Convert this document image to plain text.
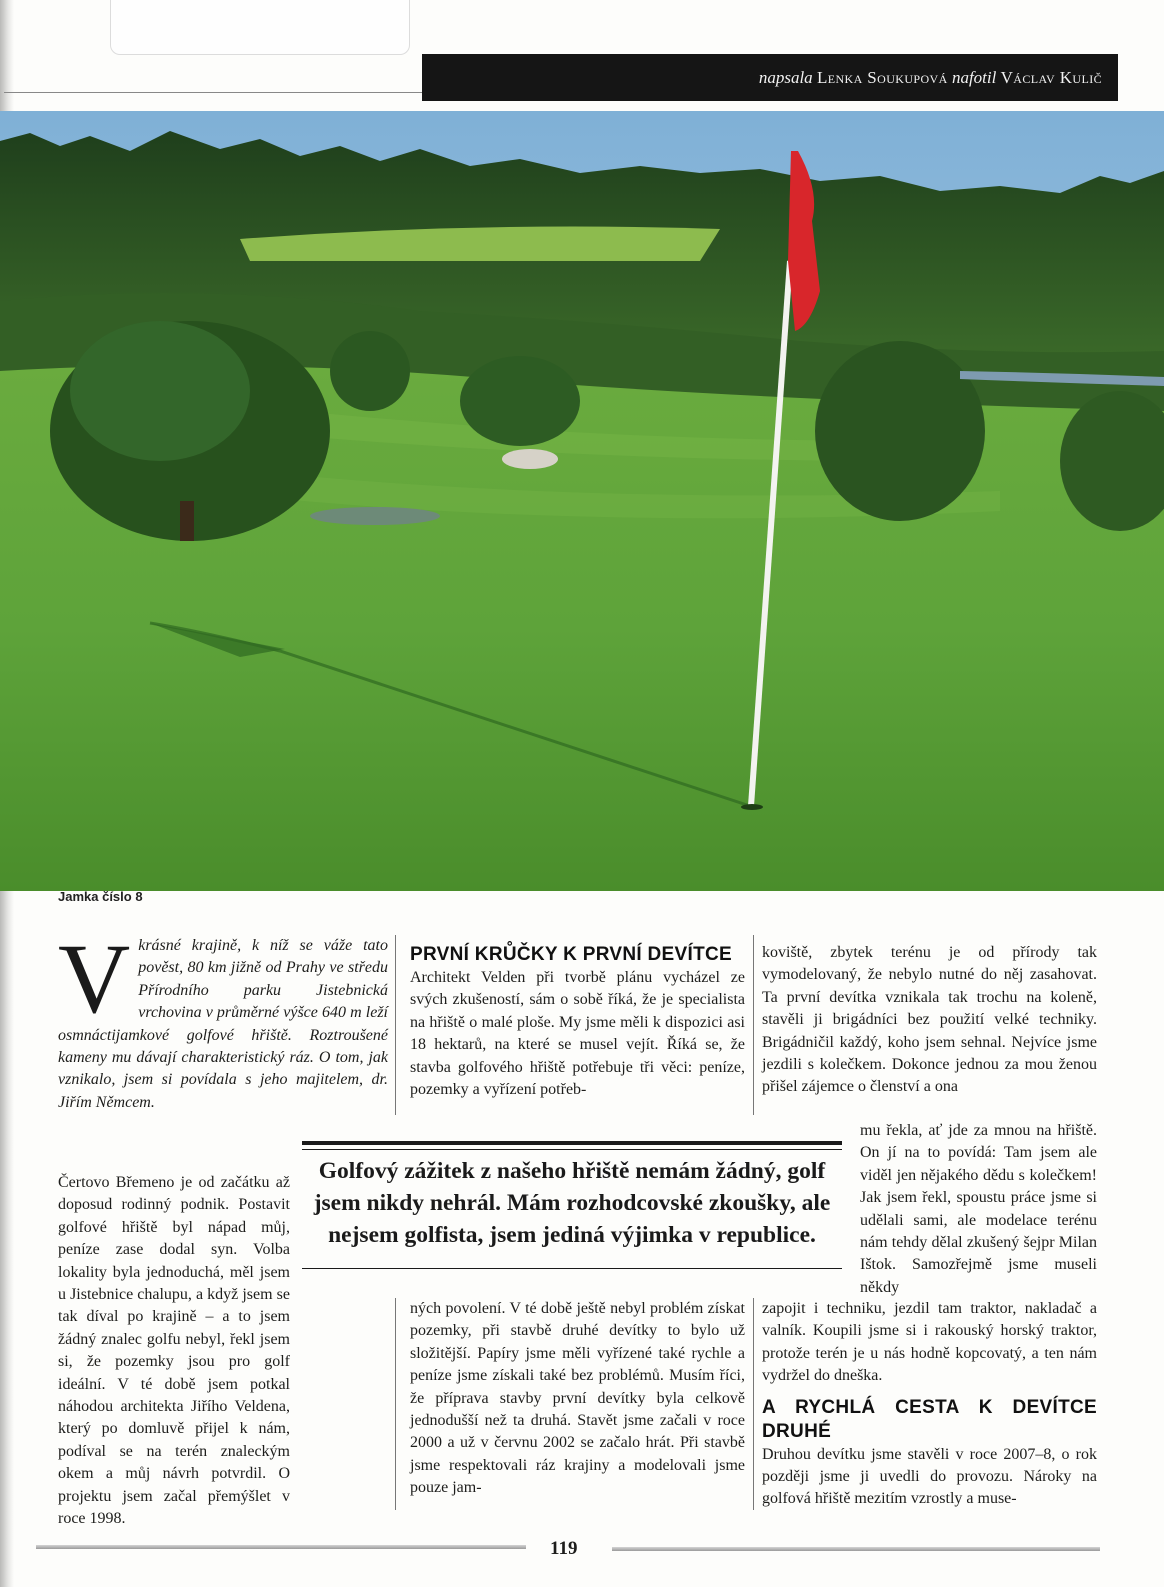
napsala
Lenka Soukupová
nafotil
Václav Kulič
Jamka číslo 8
Vkrásné krajině, k níž se váže tato pověst, 80 km jižně od Prahy ve středu Přírodního parku Jistebnická vrchovina v průměrné výšce 640 m leží osmnáctijamkové golfové hřiště. Roztroušené kameny mu dávají charakteristický ráz. O tom, jak vznikalo, jsem si povídala s jeho majitelem, dr. Jiřím Němcem.

Čertovo Břemeno je od začátku až doposud rodinný podnik. Postavit golfové hřiště byl nápad můj, peníze zase dodal syn. Volba lokality byla jednoduchá, měl jsem u Jistebnice chalupu, a když jsem se tak díval po krajině – a to jsem žádný znalec golfu nebyl, řekl jsem si, že pozemky jsou pro golf ideální. V té době jsem potkal náhodou architekta Jiřího Veldena, který po domluvě přijel k nám, podíval se na terén znaleckým okem a můj návrh potvrdil. O projektu jsem začal přemýšlet v roce 1998.

PRVNÍ KRŮČKY K PRVNÍ DEVÍTCE

Architekt Velden při tvorbě plánu vycházel ze svých zkušeností, sám o sobě říká, že je specialista na hřiště o malé ploše. My jsme měli k dispozici asi 18 hektarů, na které se musel vejít. Říká se, že stavba golfového hřiště potřebuje tři věci: peníze, pozemky a vyřízení potřeb-

koviště, zbytek terénu je od přírody tak vymodelovaný, že nebylo nutné do něj zasahovat. Ta první devítka vznikala tak trochu na koleně, stavěli ji brigádníci bez použití velké techniky. Brigádničil každý, koho jsem sehnal. Nejvíce jsme jezdili s kolečkem. Dokonce jednou za mou ženou přišel zájemce o členství a ona

mu řekla, ať jde za mnou na hřiště. On jí na to povídá: Tam jsem ale viděl jen nějakého dědu s kolečkem! Jak jsem řekl, spoustu práce jsme si udělali sami, ale modelace terénu nám tehdy dělal zkušený šejpr Milan Ištok. Samozřejmě jsme museli někdy

Golfový zážitek z našeho hřiště nemám žádný, golf jsem nikdy nehrál. Mám rozhodcovské zkoušky, ale nejsem golfista, jsem jediná výjimka v republice.

ných povolení. V té době ještě nebyl problém získat pozemky, při stavbě druhé devítky to bylo už složitější. Papíry jsme měli vyřízené také rychle a peníze jsme získali také bez problémů. Musím říci, že příprava stavby první devítky byla celkově jednodušší než ta druhá. Stavět jsme začali v roce 2000 a už v červnu 2002 se začalo hrát. Při stavbě jsme respektovali ráz krajiny a modelovali jsme pouze jam-

zapojit i techniku, jezdil tam traktor, nakladač a valník. Koupili jsme si i rakouský horský traktor, protože terén je u nás hodně kopcovatý, a ten nám vydržel do dneška.

A RYCHLÁ CESTA K DEVÍTCE DRUHÉ

Druhou devítku jsme stavěli v roce 2007–8, o rok později jsme ji uvedli do provozu. Nároky na golfová hřiště mezitím vzrostly a muse-

119
